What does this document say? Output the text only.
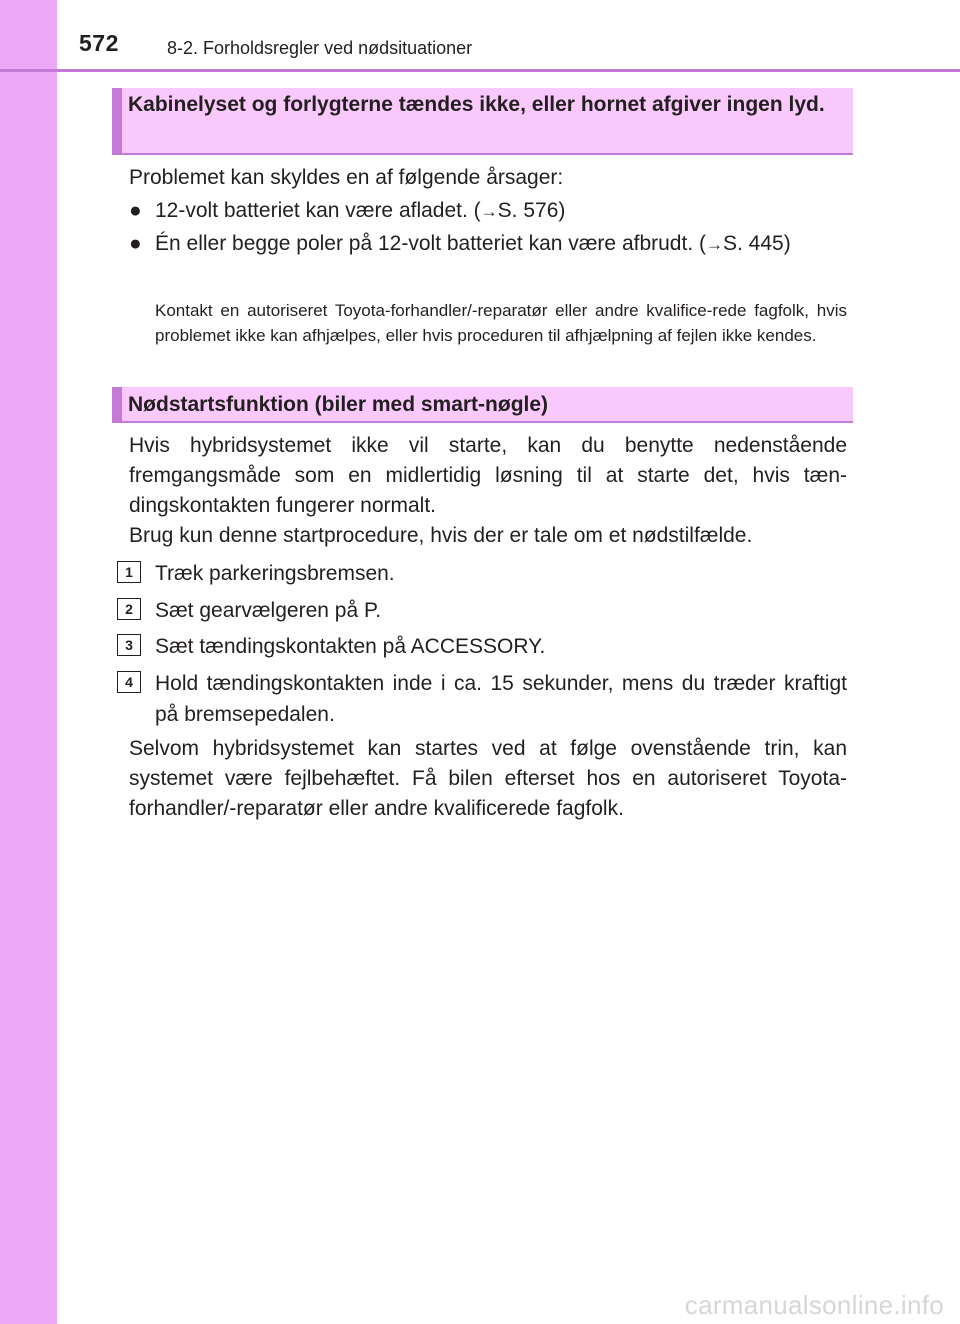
572	8-2. Forholdsregler ved nødsituationer
Kabinelyset og forlygterne tændes ikke, eller hornet afgiver ingen lyd.
Problemet kan skyldes en af følgende årsager:
● 12-volt batteriet kan være afladet. (→S. 576)
● Én eller begge poler på 12-volt batteriet kan være afbrudt. (→S. 445)
Kontakt en autoriseret Toyota-forhandler/-reparatør eller andre kvalifice-rede fagfolk, hvis problemet ikke kan afhjælpes, eller hvis proceduren til afhjælpning af fejlen ikke kendes.
Nødstartsfunktion (biler med smart-nøgle)
Hvis hybridsystemet ikke vil starte, kan du benytte nedenstående fremgangsmåde som en midlertidig løsning til at starte det, hvis tæn-dingskontakten fungerer normalt.
Brug kun denne startprocedure, hvis der er tale om et nødstilfælde.
1	Træk parkeringsbremsen.
2	Sæt gearvælgeren på P.
3	Sæt tændingskontakten på ACCESSORY.
4	Hold tændingskontakten inde i ca. 15 sekunder, mens du træder kraftigt på bremsepedalen.
Selvom hybridsystemet kan startes ved at følge ovenstående trin, kan systemet være fejlbehæftet. Få bilen efterset hos en autoriseret Toyota-forhandler/-reparatør eller andre kvalificerede fagfolk.
carmanualsonline.info
